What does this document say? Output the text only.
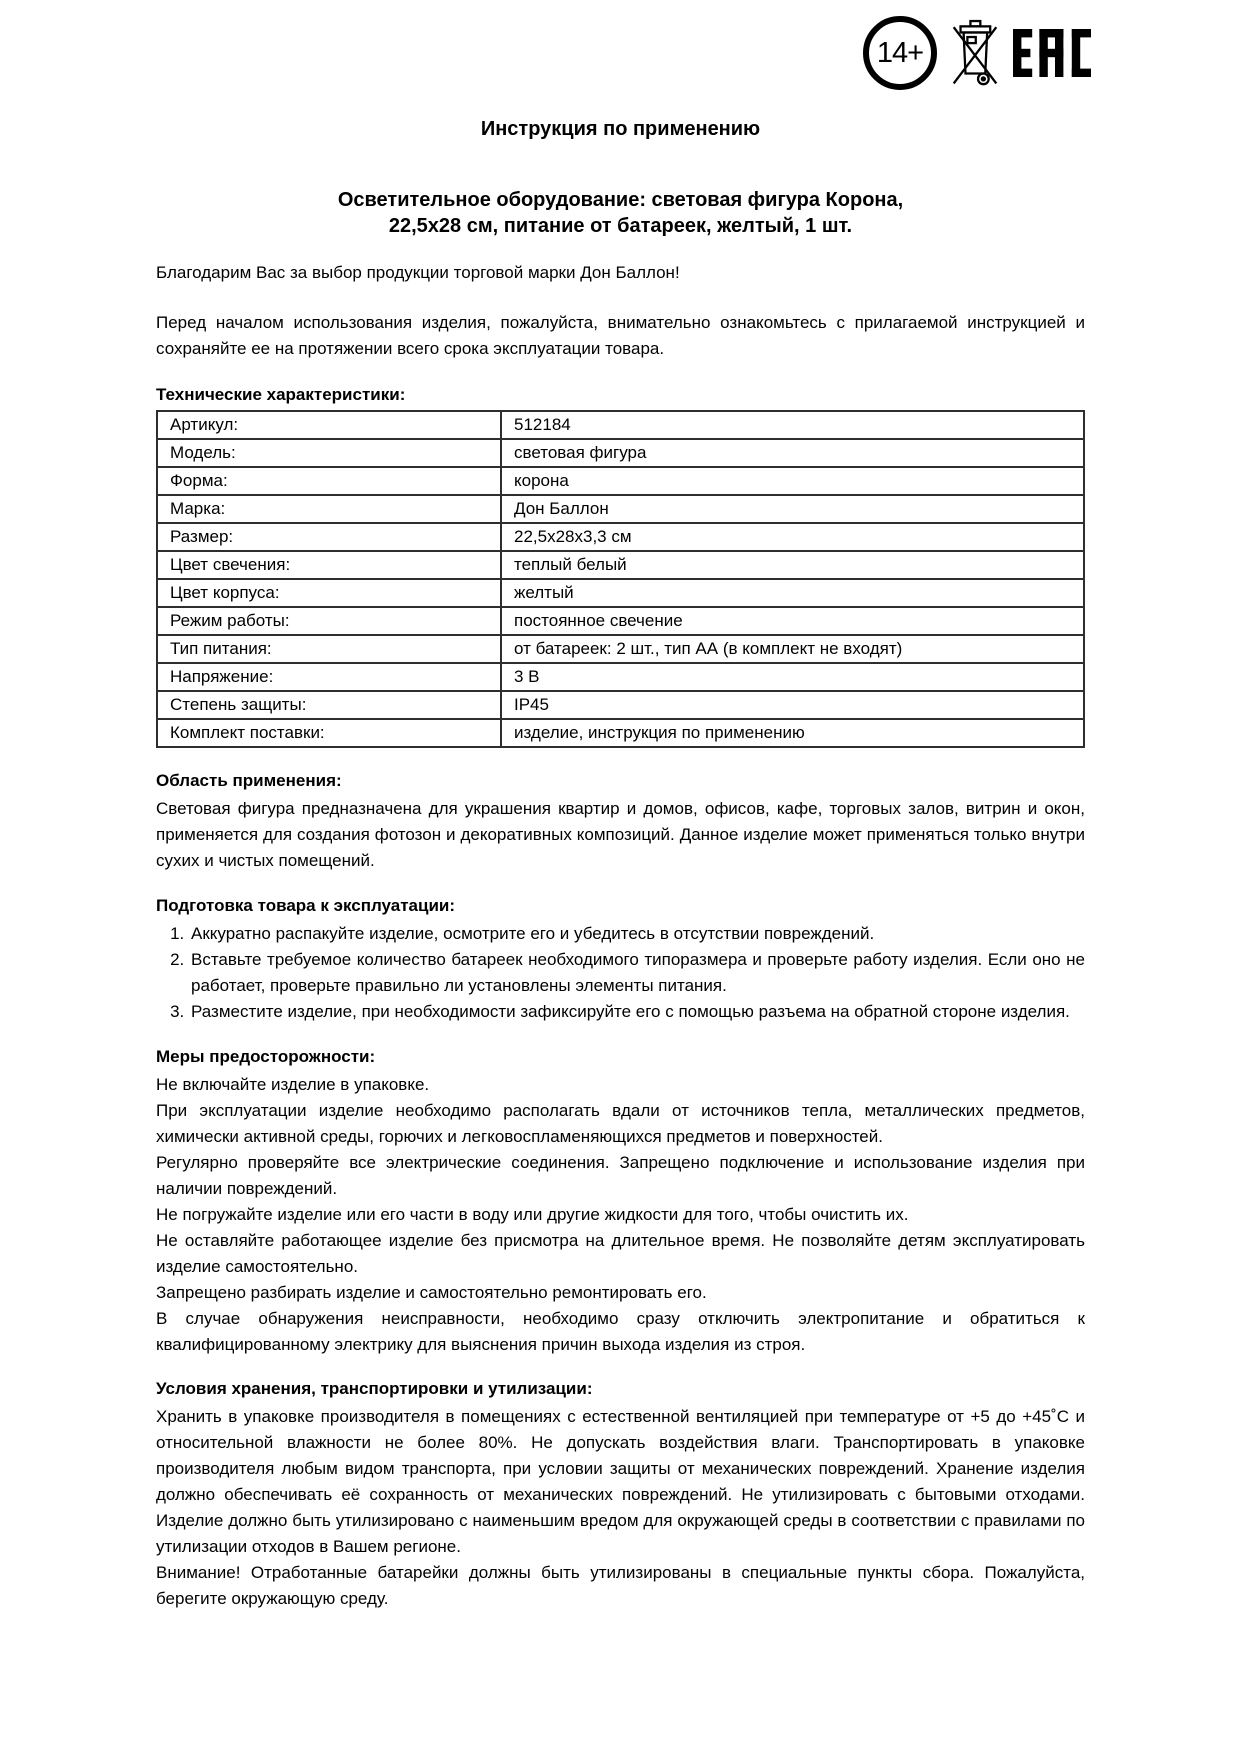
14+
Инструкция по применению
Осветительное оборудование: световая фигура Корона,
22,5х28 см, питание от батареек, желтый, 1 шт.

Благодарим Вас за выбор продукции торговой марки Дон Баллон!

Перед началом использования изделия, пожалуйста, внимательно ознакомьтесь с прилагаемой инструкцией и сохраняйте ее на протяжении всего срока эксплуатации товара.

Технические характеристики:
Артикул:	512184
Модель:	световая фигура
Форма:	корона
Марка:	Дон Баллон
Размер:	22,5х28х3,3 см
Цвет свечения:	теплый белый
Цвет корпуса:	желтый
Режим работы:	постоянное свечение
Тип питания:	от батареек: 2 шт., тип АА (в комплект не входят)
Напряжение:	3 В
Степень защиты:	IP45
Комплект поставки:	изделие, инструкция по применению
Область применения:

Световая фигура предназначена для украшения квартир и домов, офисов, кафе, торговых залов, витрин и окон, применяется для создания фотозон и декоративных композиций. Данное изделие может применяться только внутри сухих и чистых помещений.

Подготовка товара к эксплуатации:
1. Аккуратно распакуйте изделие, осмотрите его и убедитесь в отсутствии повреждений.
2. Вставьте требуемое количество батареек необходимого типоразмера и проверьте работу изделия. Если оно не работает, проверьте правильно ли установлены элементы питания.
3. Разместите изделие, при необходимости зафиксируйте его с помощью разъема на обратной стороне изделия.
Меры предосторожности:

Не включайте изделие в упаковке.

При эксплуатации изделие необходимо располагать вдали от источников тепла, металлических предметов, химически активной среды, горючих и легковоспламеняющихся предметов и поверхностей.

Регулярно проверяйте все электрические соединения. Запрещено подключение и использование изделия при наличии повреждений.

Не погружайте изделие или его части в воду или другие жидкости для того, чтобы очистить их.

Не оставляйте работающее изделие без присмотра на длительное время. Не позволяйте детям эксплуатировать изделие самостоятельно.

Запрещено разбирать изделие и самостоятельно ремонтировать его.

В случае обнаружения неисправности, необходимо сразу отключить электропитание и обратиться к квалифицированному электрику для выяснения причин выхода изделия из строя.

Условия хранения, транспортировки и утилизации:

Хранить в упаковке производителя в помещениях с естественной вентиляцией при температуре от +5 до +45˚С и относительной влажности не более 80%. Не допускать воздействия влаги. Транспортировать в упаковке производителя любым видом транспорта, при условии защиты от механических повреждений. Хранение изделия должно обеспечивать её сохранность от механических повреждений. Не утилизировать с бытовыми отходами. Изделие должно быть утилизировано с наименьшим вредом для окружающей среды в соответствии с правилами по утилизации отходов в Вашем регионе.

Внимание! Отработанные батарейки должны быть утилизированы в специальные пункты сбора. Пожалуйста, берегите окружающую среду.
